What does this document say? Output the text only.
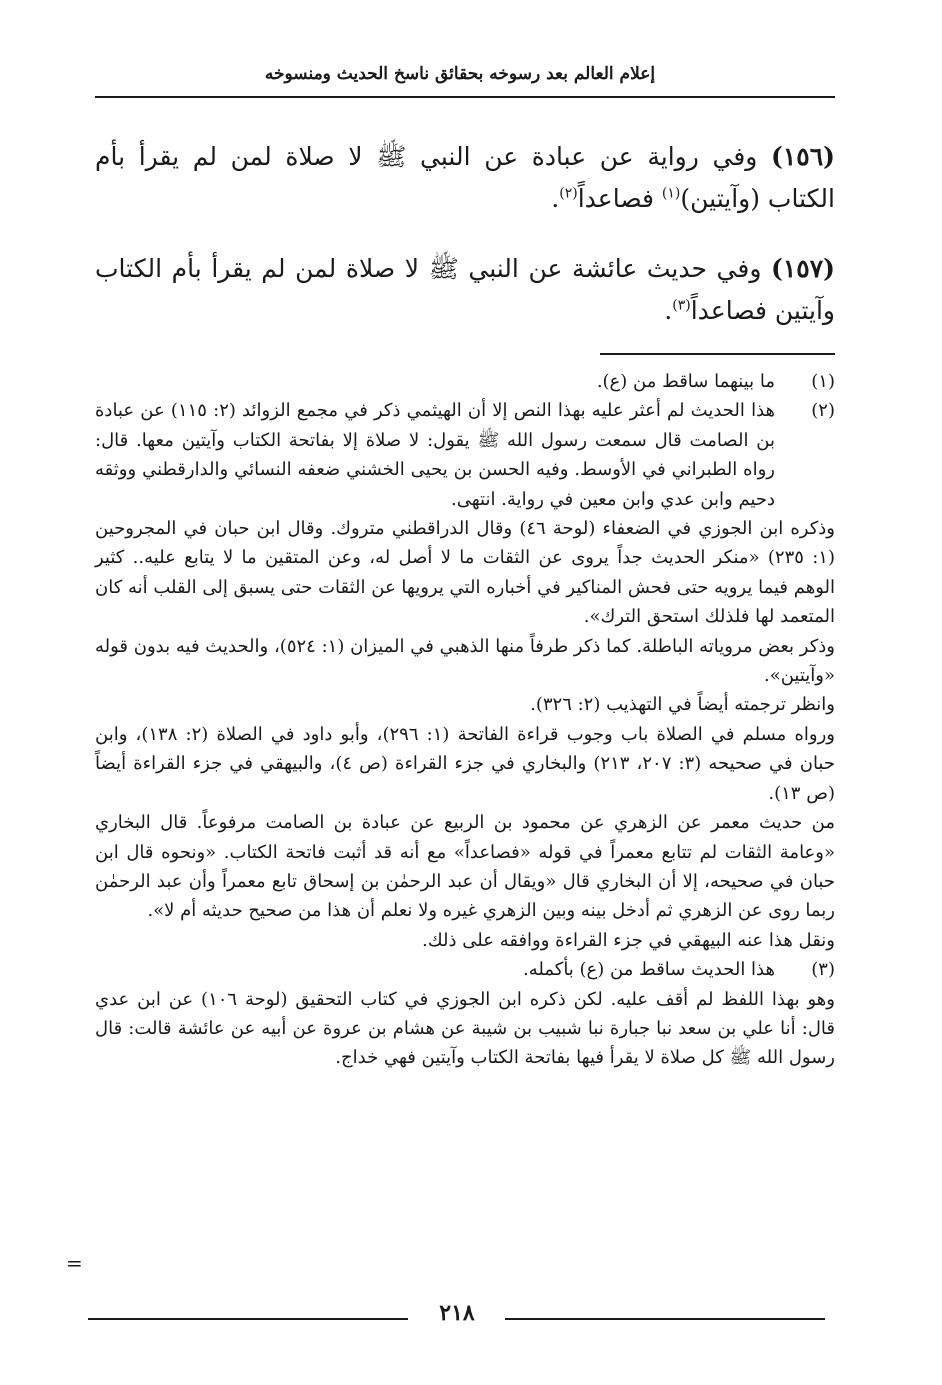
إعلام العالم بعد رسوخه بحقائق ناسخ الحديث ومنسوخه
(١٥٦) وفي رواية عن عبادة عن النبي ﷺ لا صلاة لمن لم يقرأ بأم الكتاب (وآيتين)$^{(١)}$ فصاعداً$^{(٢)}$.
(١٥٧) وفي حديث عائشة عن النبي ﷺ لا صلاة لمن لم يقرأ بأم الكتاب وآيتين فصاعداً$^{(٣)}$.
(١)

ما بينهما ساقط من (ع).

(٢)

هذا الحديث لم أعثر عليه بهذا النص إلا أن الهيثمي ذكر في مجمع الزوائد (٢: ١١٥) عن عبادة بن الصامت قال سمعت رسول الله ﷺ يقول: لا صلاة إلا بفاتحة الكتاب وآيتين معها. قال: رواه الطبراني في الأوسط. وفيه الحسن بن يحيى الخشني ضعفه النسائي والدارقطني ووثقه دحيم وابن عدي وابن معين في رواية. انتهى.

وذكره ابن الجوزي في الضعفاء (لوحة ٤٦) وقال الدراقطني متروك. وقال ابن حبان في المجروحين (١: ٢٣٥) «منكر الحديث جداً يروى عن الثقات ما لا أصل له، وعن المتقين ما لا يتابع عليه.. كثير الوهم فيما يرويه حتى فحش المناكير في أخباره التي يرويها عن الثقات حتى يسبق إلى القلب أنه كان المتعمد لها فلذلك استحق الترك».

وذكر بعض مروياته الباطلة. كما ذكر طرفاً منها الذهبي في الميزان (١: ٥٢٤)، والحديث فيه بدون قوله «وآيتين».

وانظر ترجمته أيضاً في التهذيب (٢: ٣٢٦).

ورواه مسلم في الصلاة باب وجوب قراءة الفاتحة (١: ٢٩٦)، وأبو داود في الصلاة (٢: ١٣٨)، وابن حبان في صحيحه (٣: ٢٠٧، ٢١٣) والبخاري في جزء القراءة (ص ٤)، والبيهقي في جزء القراءة أيضاً (ص ١٣).

من حديث معمر عن الزهري عن محمود بن الربيع عن عبادة بن الصامت مرفوعاً. قال البخاري «وعامة الثقات لم تتابع معمراً في قوله «فصاعداً» مع أنه قد أثبت فاتحة الكتاب. «ونحوه قال ابن حبان في صحيحه، إلا أن البخاري قال «ويقال أن عبد الرحمٰن بن إسحاق تابع معمراً وأن عبد الرحمٰن ربما روى عن الزهري ثم أدخل بينه وبين الزهري غيره ولا نعلم أن هذا من صحيح حديثه أم لا».

ونقل هذا عنه البيهقي في جزء القراءة ووافقه على ذلك.

(٣)

هذا الحديث ساقط من (ع) بأكمله.

وهو بهذا اللفظ لم أقف عليه. لكن ذكره ابن الجوزي في كتاب التحقيق (لوحة ١٠٦) عن ابن عدي قال: أنا علي بن سعد نبا جبارة نبا شبيب بن شيبة عن هشام بن عروة عن أبيه عن عائشة قالت: قال رسول الله ﷺ كل صلاة لا يقرأ فيها بفاتحة الكتاب وآيتين فهي خداج.

=
٢١٨
